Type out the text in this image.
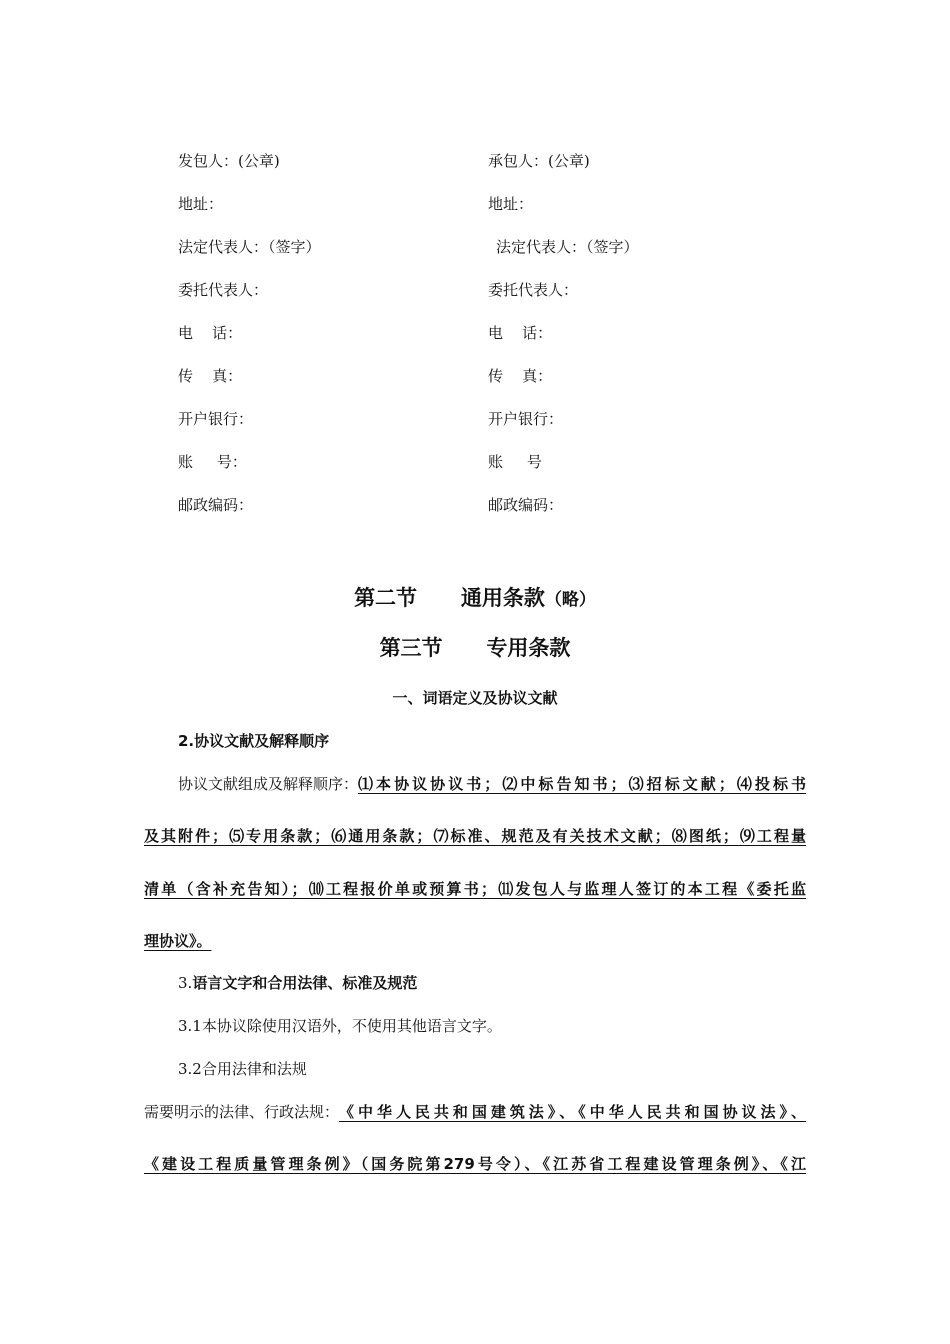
发包人：(公章)	承包人：(公章)
地址：	地址：
法定代表人：（签字）	法定代表人：（签字）
委托代表人：	委托代表人：
电    话：	电    话：
传    真：	传    真：
开户银行：	开户银行：
账     号：	账     号
邮政编码：	邮政编码：
第二节      通用条款（略）
第三节      专用条款
一、词语定义及协议文献
2.协议文献及解释顺序
协议文献组成及解释顺序： ⑴本协议协议书；⑵中标告知书；⑶招标文献；⑷投标书
及其附件；⑸专用条款；⑹通用条款；⑺标准、规范及有关技术文献；⑻图纸；⑼工程量
清单（含补充告知）；⑽工程报价单或预算书；⑾发包人与监理人签订的本工程《委托监
理协议》。
3.语言文字和合用法律、标准及规范
3.1本协议除使用汉语外，不使用其他语言文字。
3.2合用法律和法规
需要明示的法律、行政法规： 《中华人民共和国建筑法》、《中华人民共和国协议法》、
《建设工程质量管理条例》（国务院第279号令）、《江苏省工程建设管理条例》、《江
